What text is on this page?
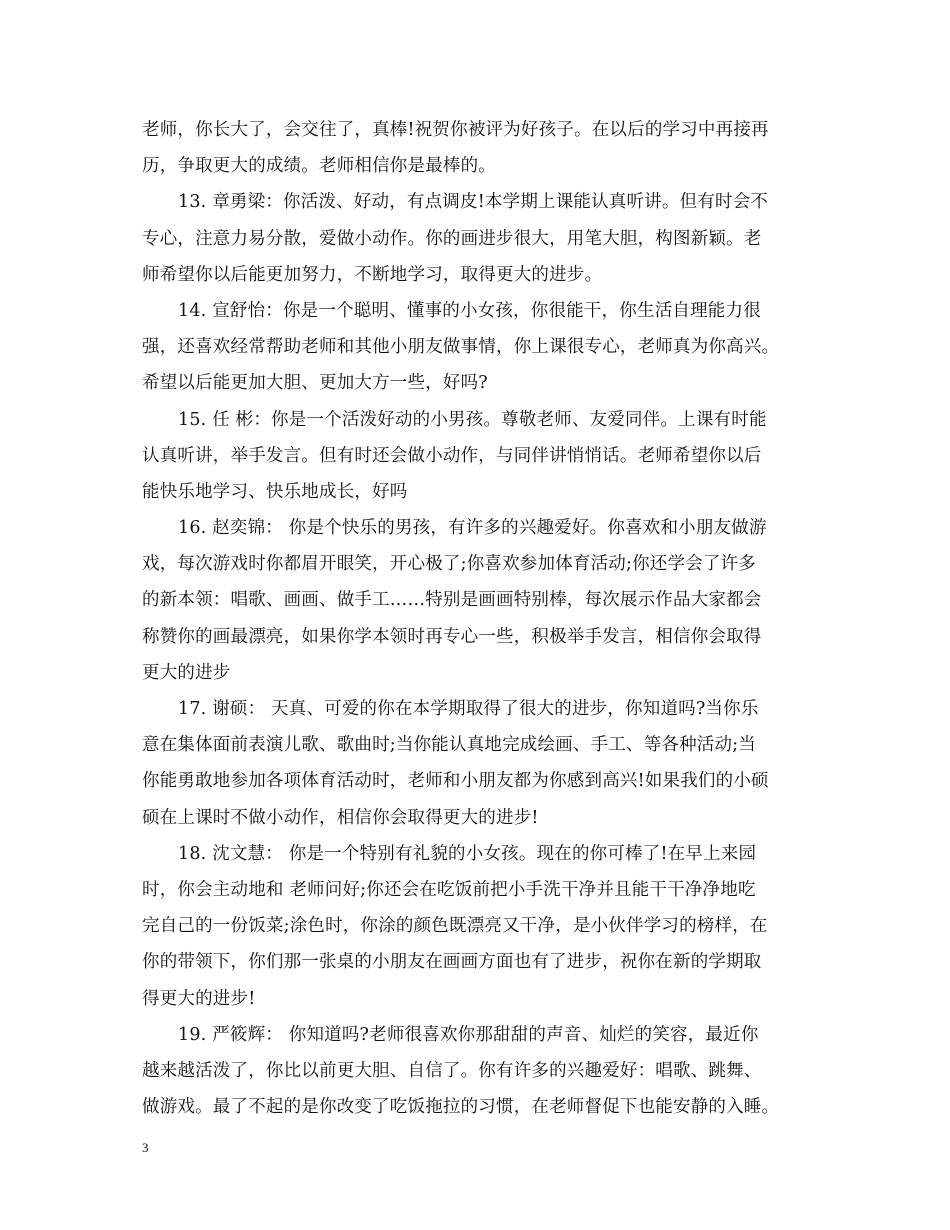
老师，你长大了，会交往了，真棒!祝贺你被评为好孩子。在以后的学习中再接再
历，争取更大的成绩。老师相信你是最棒的。
13. 章勇梁：你活泼、好动，有点调皮!本学期上课能认真听讲。但有时会不
专心，注意力易分散，爱做小动作。你的画进步很大，用笔大胆，构图新颖。老
师希望你以后能更加努力，不断地学习，取得更大的进步。
14. 宣舒怡：你是一个聪明、懂事的小女孩，你很能干，你生活自理能力很
强，还喜欢经常帮助老师和其他小朋友做事情，你上课很专心，老师真为你高兴。
希望以后能更加大胆、更加大方一些，好吗?
15. 任 彬：你是一个活泼好动的小男孩。尊敬老师、友爱同伴。上课有时能
认真听讲，举手发言。但有时还会做小动作，与同伴讲悄悄话。老师希望你以后
能快乐地学习、快乐地成长，好吗
16. 赵奕锦： 你是个快乐的男孩，有许多的兴趣爱好。你喜欢和小朋友做游
戏，每次游戏时你都眉开眼笑，开心极了;你喜欢参加体育活动;你还学会了许多
的新本领：唱歌、画画、做手工……特别是画画特别棒，每次展示作品大家都会
称赞你的画最漂亮，如果你学本领时再专心一些，积极举手发言，相信你会取得
更大的进步
17. 谢硕： 天真、可爱的你在本学期取得了很大的进步，你知道吗?当你乐
意在集体面前表演儿歌、歌曲时;当你能认真地完成绘画、手工、等各种活动;当
你能勇敢地参加各项体育活动时，老师和小朋友都为你感到高兴!如果我们的小硕
硕在上课时不做小动作，相信你会取得更大的进步!
18. 沈文慧： 你是一个特别有礼貌的小女孩。现在的你可棒了!在早上来园
时，你会主动地和 老师问好;你还会在吃饭前把小手洗干净并且能干干净净地吃
完自己的一份饭菜;涂色时，你涂的颜色既漂亮又干净，是小伙伴学习的榜样，在
你的带领下，你们那一张桌的小朋友在画画方面也有了进步，祝你在新的学期取
得更大的进步!
19. 严筱辉： 你知道吗?老师很喜欢你那甜甜的声音、灿烂的笑容，最近你
越来越活泼了，你比以前更大胆、自信了。你有许多的兴趣爱好：唱歌、跳舞、
做游戏。最了不起的是你改变了吃饭拖拉的习惯，在老师督促下也能安静的入睡。
3
